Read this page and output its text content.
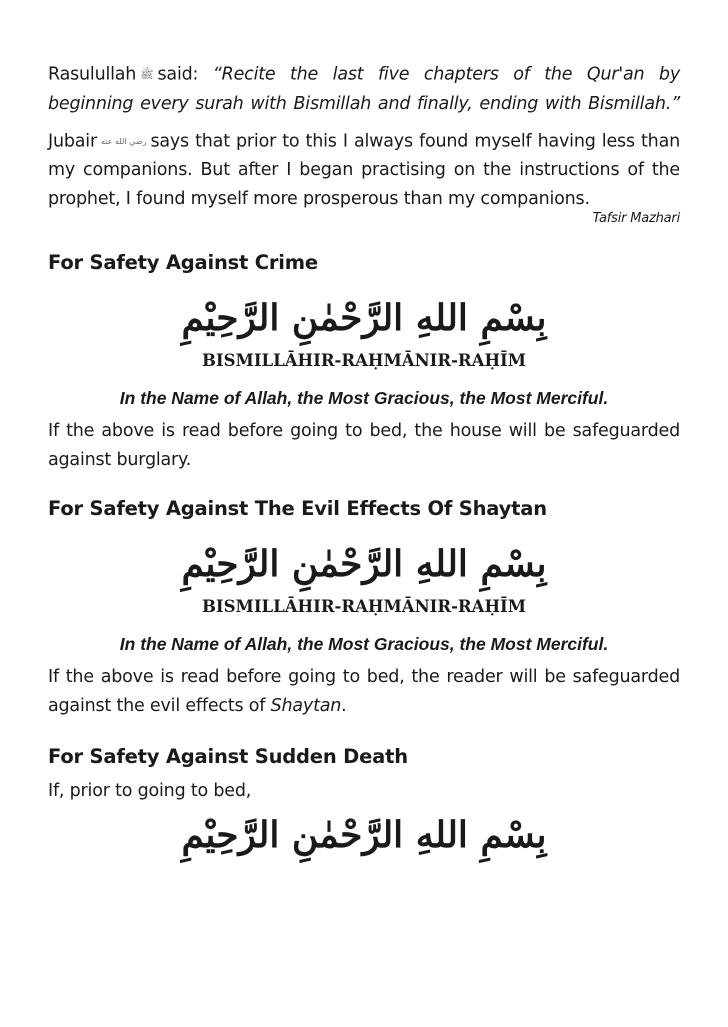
Rasulullah ﷺ said: “Recite the last five chapters of the Qur'an by

beginning every surah with Bismillah and finally, ending with Bismillah.”

Jubair رضي الله عنه says that prior to this I always found myself having less than

my companions. But after I began practising on the instructions of the

prophet, I found myself more prosperous than my companions.

Tafsir Mazhari
For Safety Against Crime

بِسْمِ اللهِ الرَّحْمٰنِ الرَّحِيْمِ

BISMILLĀHIR-RAḤMĀNIR-RAḤĪM

In the Name of Allah, the Most Gracious, the Most Merciful.

If the above is read before going to bed, the house will be safeguarded

against burglary.

For Safety Against The Evil Effects Of Shaytan

بِسْمِ اللهِ الرَّحْمٰنِ الرَّحِيْمِ

BISMILLĀHIR-RAḤMĀNIR-RAḤĪM

In the Name of Allah, the Most Gracious, the Most Merciful.

If the above is read before going to bed, the reader will be safeguarded

against the evil effects of Shaytan.

For Safety Against Sudden Death

If, prior to going to bed,

بِسْمِ اللهِ الرَّحْمٰنِ الرَّحِيْمِ
